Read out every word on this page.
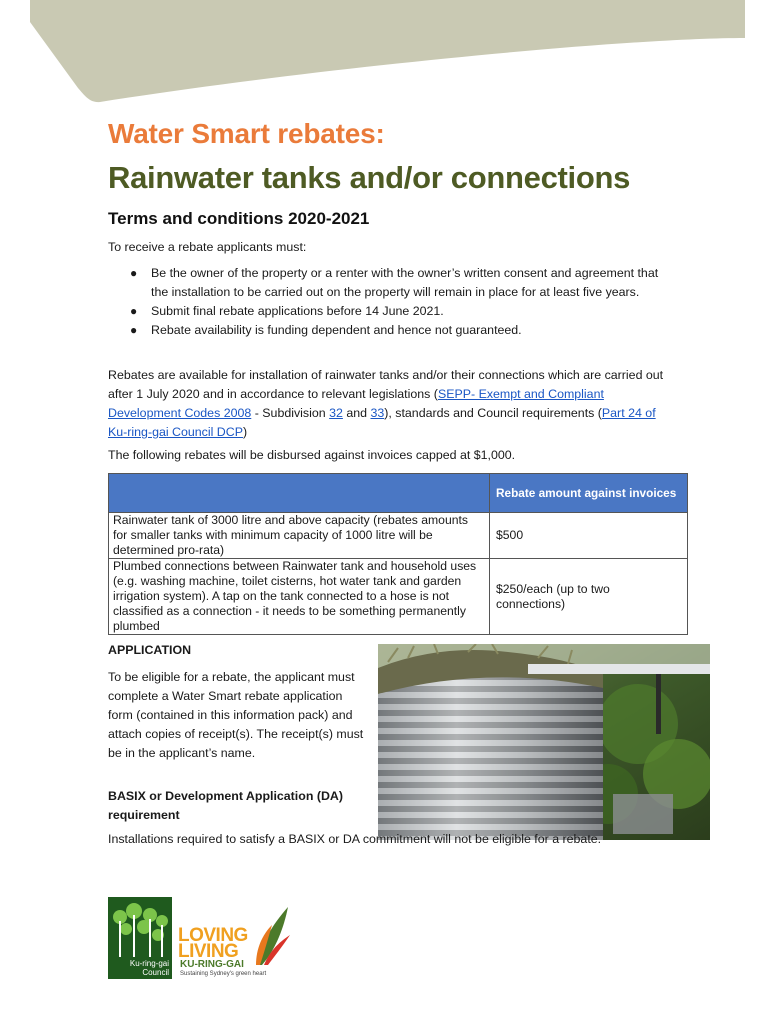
Water Smart rebates:
Rainwater tanks and/or connections
Terms and conditions 2020-2021

To receive a rebate applicants must:

● Be the owner of the property or a renter with the owner’s written consent and agreement that the installation to be carried out on the property will remain in place for at least five years.
● Submit final rebate applications before 14 June 2021.
● Rebate availability is funding dependent and hence not guaranteed.

Rebates are available for installation of rainwater tanks and/or their connections which are carried out after 1 July 2020 and in accordance to relevant legislations (SEPP- Exempt and Compliant Development Codes 2008 - Subdivision 32 and 33), standards and Council requirements (Part 24 of Ku-ring-gai Council DCP)

The following rebates will be disbursed against invoices capped at $1,000.

	Rebate amount against invoices
Rainwater tank of 3000 litre and above capacity (rebates amounts for smaller tanks with minimum capacity of 1000 litre will be determined pro-rata)	$500
Plumbed connections between Rainwater tank and household uses (e.g. washing machine, toilet cisterns, hot water tank and garden irrigation system). A tap on the tank connected to a hose is not classified as a connection - it needs to be something permanently plumbed	$250/each (up to two connections)
APPLICATION

To be eligible for a rebate, the applicant must complete a Water Smart rebate application form (contained in this information pack) and attach copies of receipt(s). The receipt(s) must be in the applicant’s name.

BASIX or Development Application (DA) requirement

Installations required to satisfy a BASIX or DA commitment will not be eligible for a rebate.

Ku-ring-gai
Council
LOVING
LIVING
KU-RING-GAI
Sustaining Sydney's green heart
